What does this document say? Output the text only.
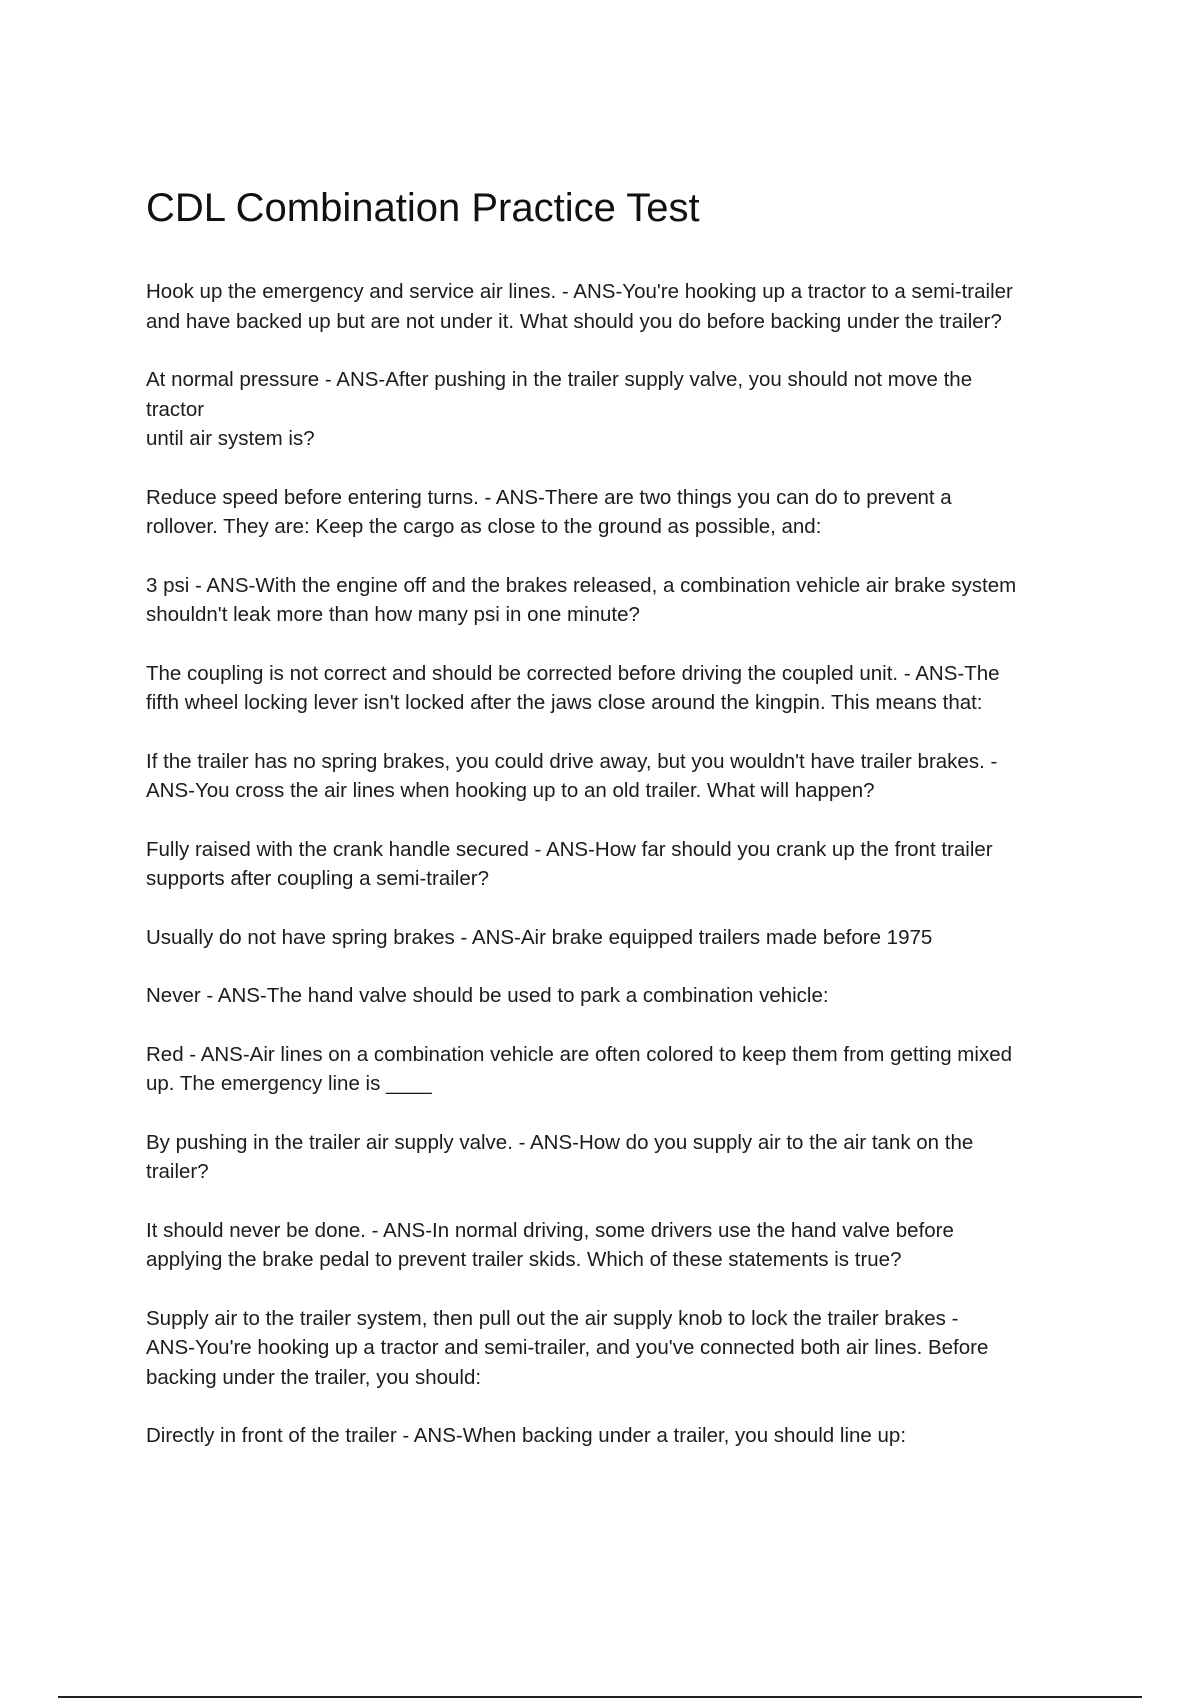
CDL Combination Practice Test

Hook up the emergency and service air lines. - ANS-You're hooking up a tractor to a semi-trailer
and have backed up but are not under it. What should you do before backing under the trailer?

At normal pressure - ANS-After pushing in the trailer supply valve, you should not move the
tractor
until air system is?

Reduce speed before entering turns. - ANS-There are two things you can do to prevent a
rollover. They are: Keep the cargo as close to the ground as possible, and:

3 psi - ANS-With the engine off and the brakes released, a combination vehicle air brake system
shouldn't leak more than how many psi in one minute?

The coupling is not correct and should be corrected before driving the coupled unit. - ANS-The
fifth wheel locking lever isn't locked after the jaws close around the kingpin. This means that:

If the trailer has no spring brakes, you could drive away, but you wouldn't have trailer brakes. -
ANS-You cross the air lines when hooking up to an old trailer. What will happen?

Fully raised with the crank handle secured - ANS-How far should you crank up the front trailer
supports after coupling a semi-trailer?

Usually do not have spring brakes - ANS-Air brake equipped trailers made before 1975

Never - ANS-The hand valve should be used to park a combination vehicle:

Red - ANS-Air lines on a combination vehicle are often colored to keep them from getting mixed
up. The emergency line is ____

By pushing in the trailer air supply valve. - ANS-How do you supply air to the air tank on the
trailer?

It should never be done. - ANS-In normal driving, some drivers use the hand valve before
applying the brake pedal to prevent trailer skids. Which of these statements is true?

Supply air to the trailer system, then pull out the air supply knob to lock the trailer brakes -
ANS-You're hooking up a tractor and semi-trailer, and you've connected both air lines. Before
backing under the trailer, you should:

Directly in front of the trailer - ANS-When backing under a trailer, you should line up:
